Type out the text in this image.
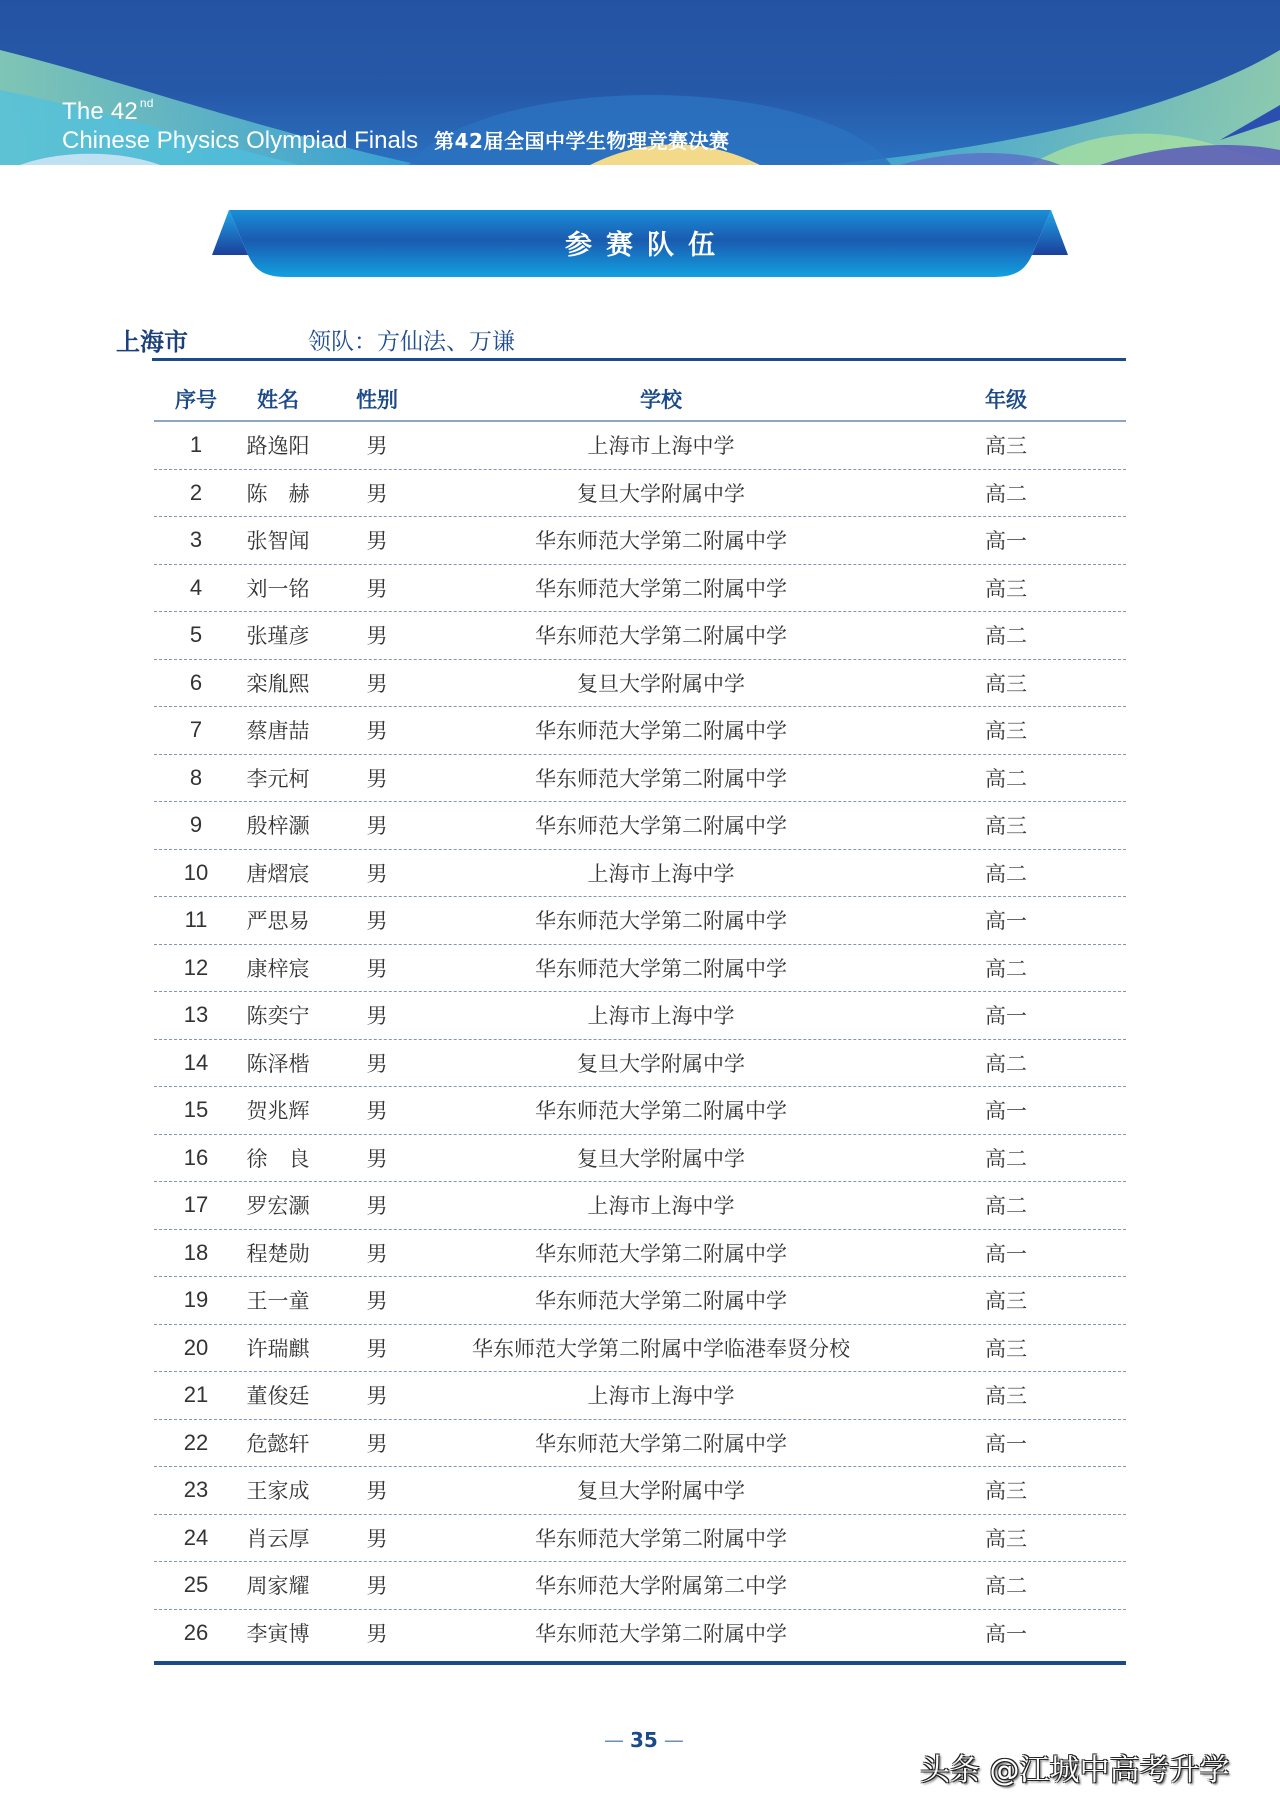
The 42 $^{nd}$
Chinese Physics Olympiad Finals 第42届全国中学生物理竞赛决赛
参赛队伍
上海市	领队：方仙法、万谦
序号	姓名	性别	学校	年级
1	路逸阳	男	上海市上海中学	高三
2	陈　赫	男	复旦大学附属中学	高二
3	张智闻	男	华东师范大学第二附属中学	高一
4	刘一铭	男	华东师范大学第二附属中学	高三
5	张瑾彦	男	华东师范大学第二附属中学	高二
6	栾胤熙	男	复旦大学附属中学	高三
7	蔡唐喆	男	华东师范大学第二附属中学	高三
8	李元柯	男	华东师范大学第二附属中学	高二
9	殷梓灏	男	华东师范大学第二附属中学	高三
10	唐熠宸	男	上海市上海中学	高二
11	严思易	男	华东师范大学第二附属中学	高一
12	康梓宸	男	华东师范大学第二附属中学	高二
13	陈奕宁	男	上海市上海中学	高一
14	陈泽楷	男	复旦大学附属中学	高二
15	贺兆辉	男	华东师范大学第二附属中学	高一
16	徐　良	男	复旦大学附属中学	高二
17	罗宏灏	男	上海市上海中学	高二
18	程楚勋	男	华东师范大学第二附属中学	高一
19	王一童	男	华东师范大学第二附属中学	高三
20	许瑞麒	男	华东师范大学第二附属中学临港奉贤分校	高三
21	董俊廷	男	上海市上海中学	高三
22	危懿轩	男	华东师范大学第二附属中学	高一
23	王家成	男	复旦大学附属中学	高三
24	肖云厚	男	华东师范大学第二附属中学	高三
25	周家耀	男	华东师范大学附属第二中学	高二
26	李寅博	男	华东师范大学第二附属中学	高一
— 35 —
头条 @江城中高考升学
